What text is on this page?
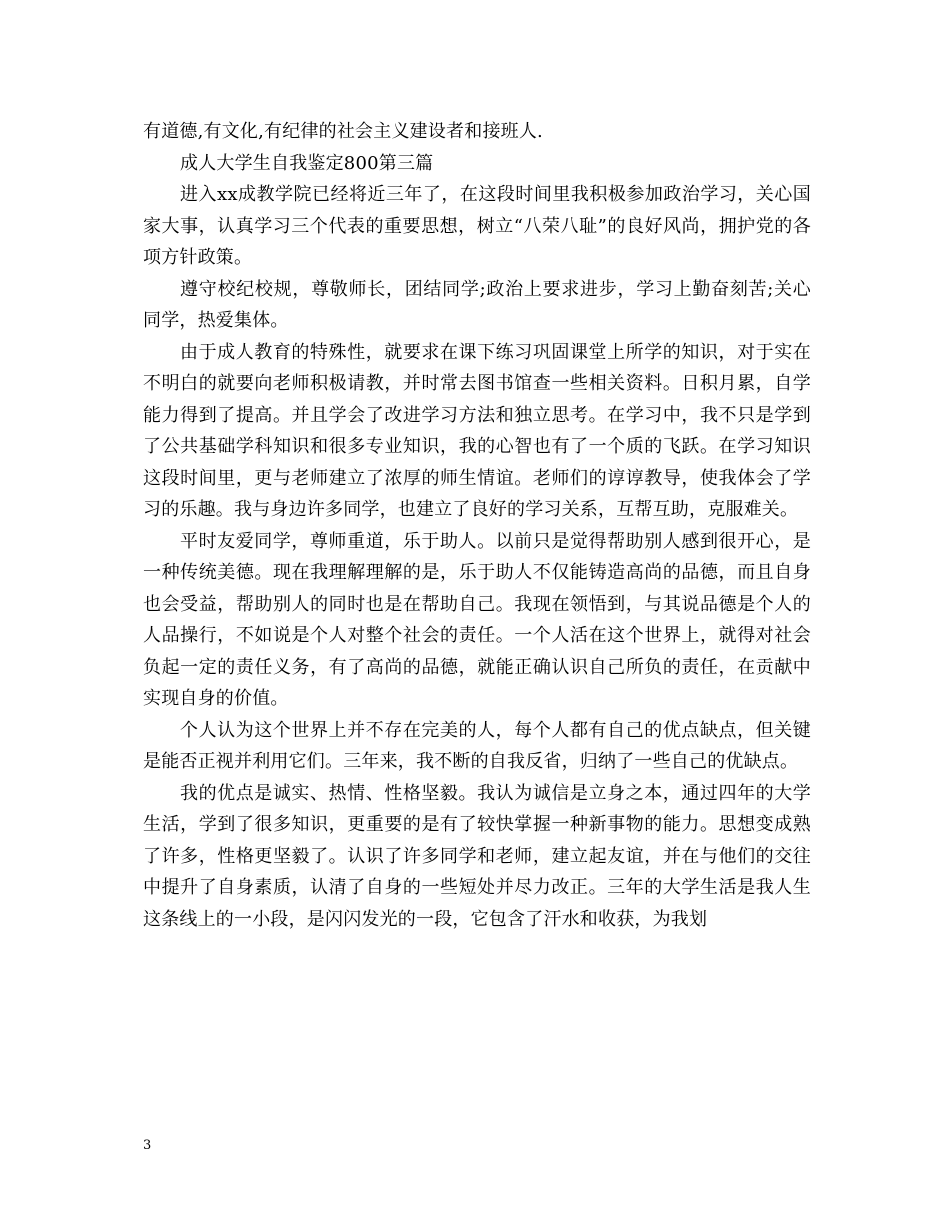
有道德,有文化,有纪律的社会主义建设者和接班人.

成人大学生自我鉴定800第三篇

进入xx成教学院已经将近三年了，在这段时间里我积极参加政治学习，关心国家大事，认真学习三个代表的重要思想，树立“八荣八耻”的良好风尚，拥护党的各项方针政策。

遵守校纪校规，尊敬师长，团结同学;政治上要求进步，学习上勤奋刻苦;关心同学，热爱集体。

由于成人教育的特殊性，就要求在课下练习巩固课堂上所学的知识，对于实在不明白的就要向老师积极请教，并时常去图书馆查一些相关资料。日积月累，自学能力得到了提高。并且学会了改进学习方法和独立思考。在学习中，我不只是学到了公共基础学科知识和很多专业知识，我的心智也有了一个质的飞跃。在学习知识这段时间里，更与老师建立了浓厚的师生情谊。老师们的谆谆教导，使我体会了学习的乐趣。我与身边许多同学，也建立了良好的学习关系，互帮互助，克服难关。

平时友爱同学，尊师重道，乐于助人。以前只是觉得帮助别人感到很开心，是一种传统美德。现在我理解理解的是，乐于助人不仅能铸造高尚的品德，而且自身也会受益，帮助别人的同时也是在帮助自己。我现在领悟到，与其说品德是个人的人品操行，不如说是个人对整个社会的责任。一个人活在这个世界上，就得对社会负起一定的责任义务，有了高尚的品德，就能正确认识自己所负的责任，在贡献中实现自身的价值。

个人认为这个世界上并不存在完美的人，每个人都有自己的优点缺点，但关键是能否正视并利用它们。三年来，我不断的自我反省，归纳了一些自己的优缺点。

我的优点是诚实、热情、性格坚毅。我认为诚信是立身之本，通过四年的大学生活，学到了很多知识，更重要的是有了较快掌握一种新事物的能力。思想变成熟了许多，性格更坚毅了。认识了许多同学和老师，建立起友谊，并在与他们的交往中提升了自身素质，认清了自身的一些短处并尽力改正。三年的大学生活是我人生这条线上的一小段，是闪闪发光的一段，它包含了汗水和收获，为我划

3
